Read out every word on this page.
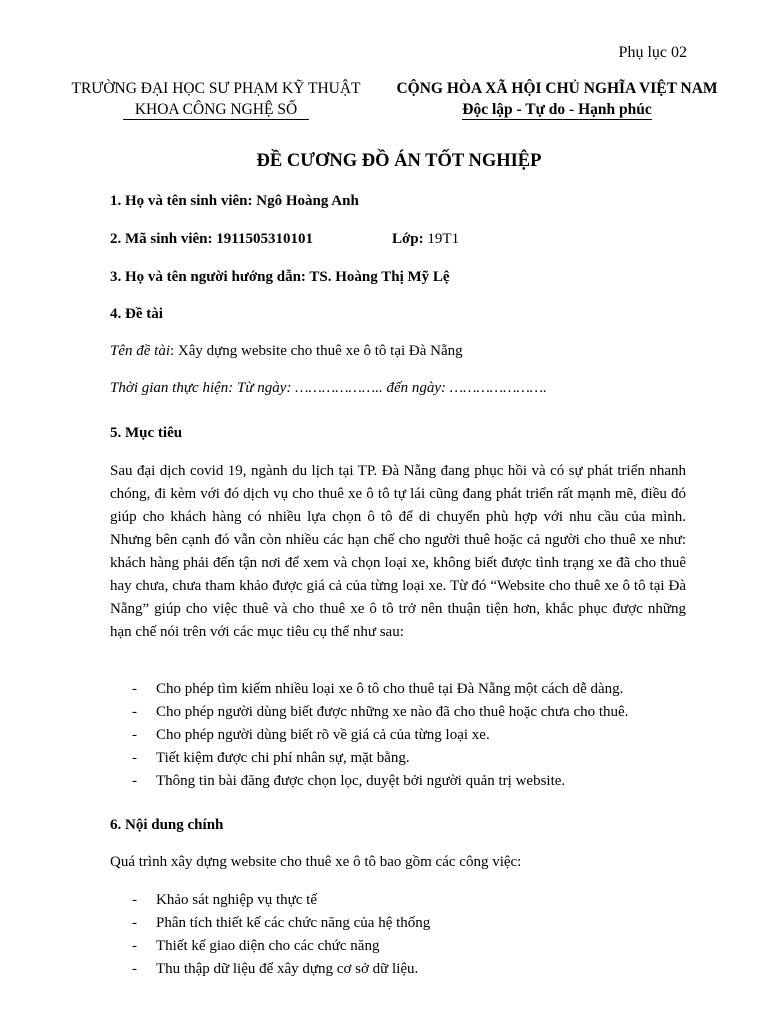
Phụ lục 02
TRƯỜNG ĐẠI HỌC SƯ PHẠM KỸ THUẬT
KHOA CÔNG NGHỆ SỐ
CỘNG HÒA XÃ HỘI CHỦ NGHĨA VIỆT NAM
Độc lập - Tự do - Hạnh phúc
ĐỀ CƯƠNG ĐỒ ÁN TỐT NGHIỆP
1. Họ và tên sinh viên: Ngô Hoàng Anh
2. Mã sinh viên: 1911505310101	Lớp: 19T1
3. Họ và tên người hướng dẫn: TS. Hoàng Thị Mỹ Lệ
4. Đề tài
Tên đề tài: Xây dựng website cho thuê xe ô tô tại Đà Nẵng
Thời gian thực hiện: Từ ngày: ……………….. đến ngày: ………………….
5. Mục tiêu

Sau đại dịch covid 19, ngành du lịch tại TP. Đà Nẵng đang phục hồi và có sự phát triển nhanh chóng, đi kèm với đó dịch vụ cho thuê xe ô tô tự lái cũng đang phát triển rất mạnh mẽ, điều đó giúp cho khách hàng có nhiều lựa chọn ô tô để di chuyển phù hợp với nhu cầu của mình. Nhưng bên cạnh đó vẫn còn nhiều các hạn chế cho người thuê hoặc cả người cho thuê xe như: khách hàng phải đến tận nơi để xem và chọn loại xe, không biết được tình trạng xe đã cho thuê hay chưa, chưa tham khảo được giá cả của từng loại xe. Từ đó “Website cho thuê xe ô tô tại Đà Nẵng” giúp cho việc thuê và cho thuê xe ô tô trở nên thuận tiện hơn, khắc phục được những hạn chế nói trên với các mục tiêu cụ thể như sau:

- Cho phép tìm kiếm nhiều loại xe ô tô cho thuê tại Đà Nẵng một cách dễ dàng.
- Cho phép người dùng biết được những xe nào đã cho thuê hoặc chưa cho thuê.
- Cho phép người dùng biết rõ về giá cả của từng loại xe.
- Tiết kiệm được chi phí nhân sự, mặt bằng.
- Thông tin bài đăng được chọn lọc, duyệt bởi người quản trị website.
6. Nội dung chính
Quá trình xây dựng website cho thuê xe ô tô bao gồm các công việc:
- Khảo sát nghiệp vụ thực tế
- Phân tích thiết kế các chức năng của hệ thống
- Thiết kế giao diện cho các chức năng
- Thu thập dữ liệu để xây dựng cơ sở dữ liệu.
